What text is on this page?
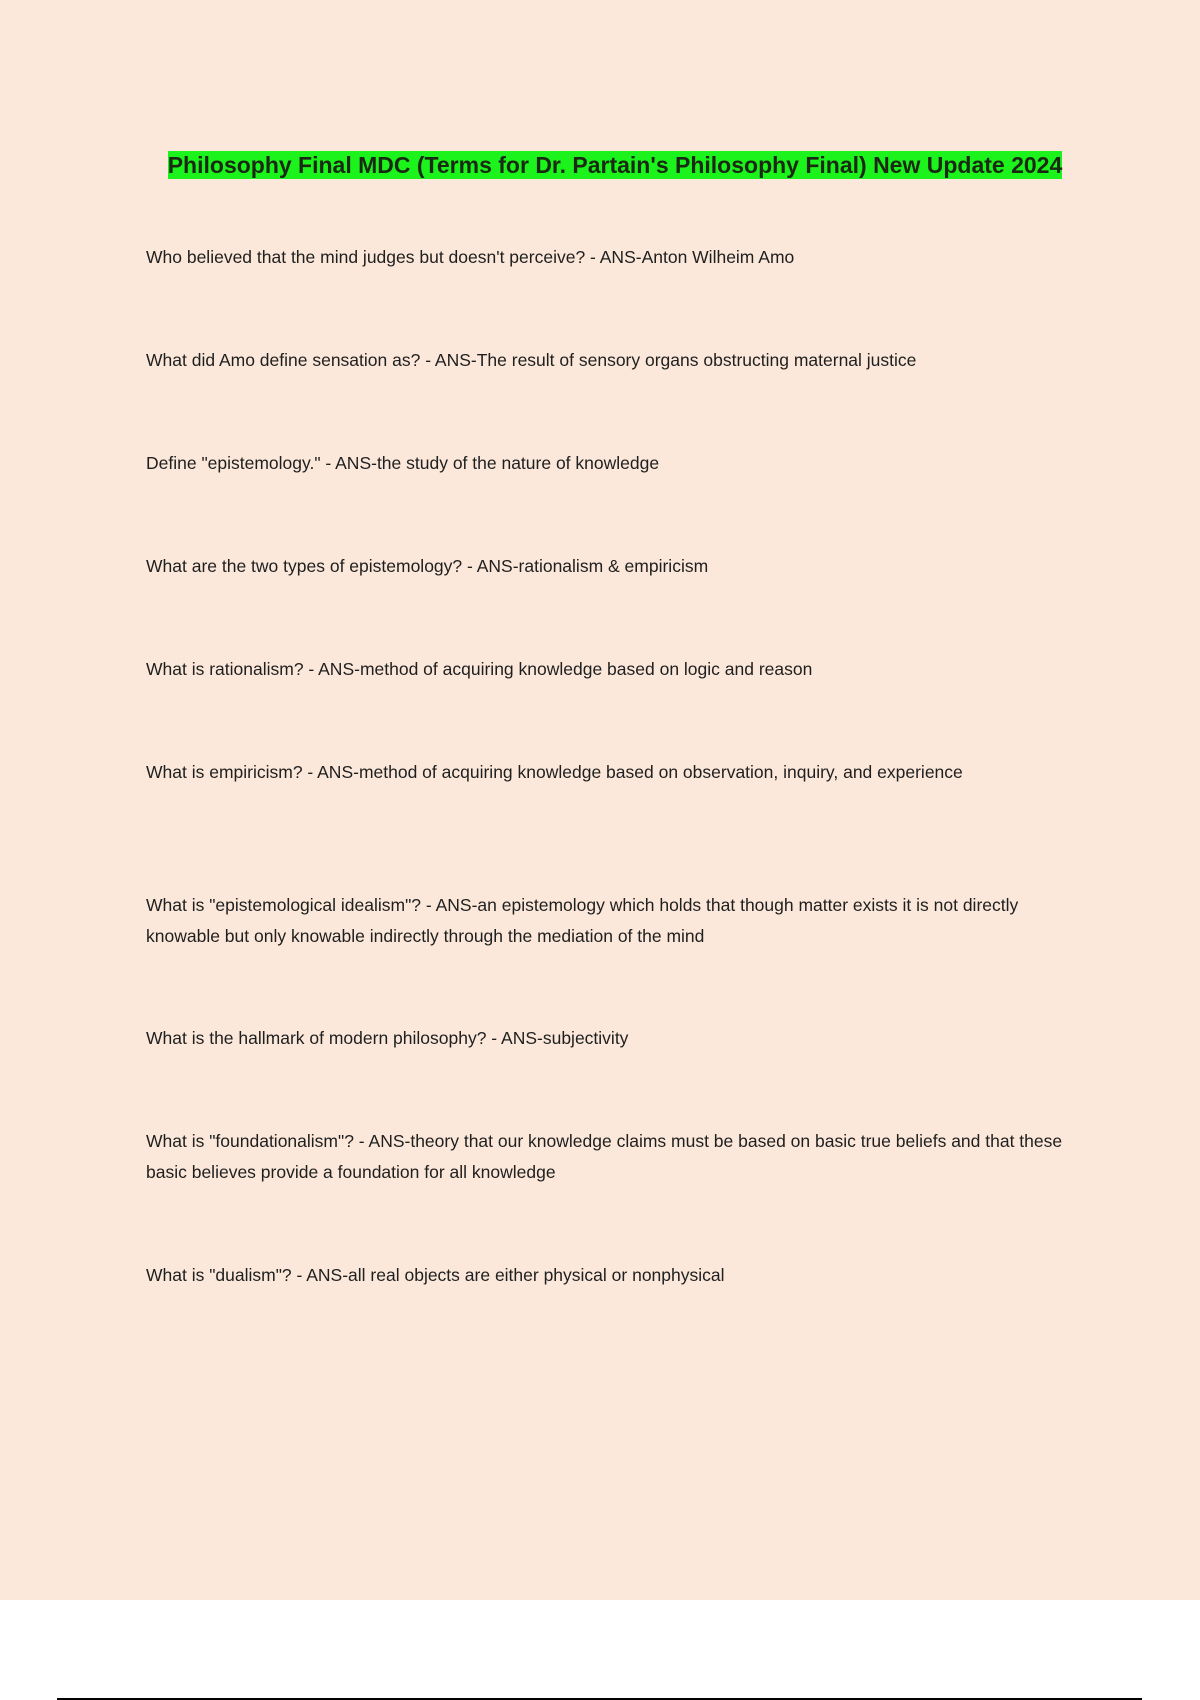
Philosophy Final MDC (Terms for Dr. Partain's Philosophy Final) New Update 2024

Who believed that the mind judges but doesn't perceive? - ANS-Anton Wilheim Amo

What did Amo define sensation as? - ANS-The result of sensory organs obstructing maternal justice

Define "epistemology." - ANS-the study of the nature of knowledge

What are the two types of epistemology? - ANS-rationalism & empiricism

What is rationalism? - ANS-method of acquiring knowledge based on logic and reason

What is empiricism? - ANS-method of acquiring knowledge based on observation, inquiry, and experience

What is "epistemological idealism"? - ANS-an epistemology which holds that though matter exists it is not directly knowable but only knowable indirectly through the mediation of the mind

What is the hallmark of modern philosophy? - ANS-subjectivity

What is "foundationalism"? - ANS-theory that our knowledge claims must be based on basic true beliefs and that these basic believes provide a foundation for all knowledge

What is "dualism"? - ANS-all real objects are either physical or nonphysical
